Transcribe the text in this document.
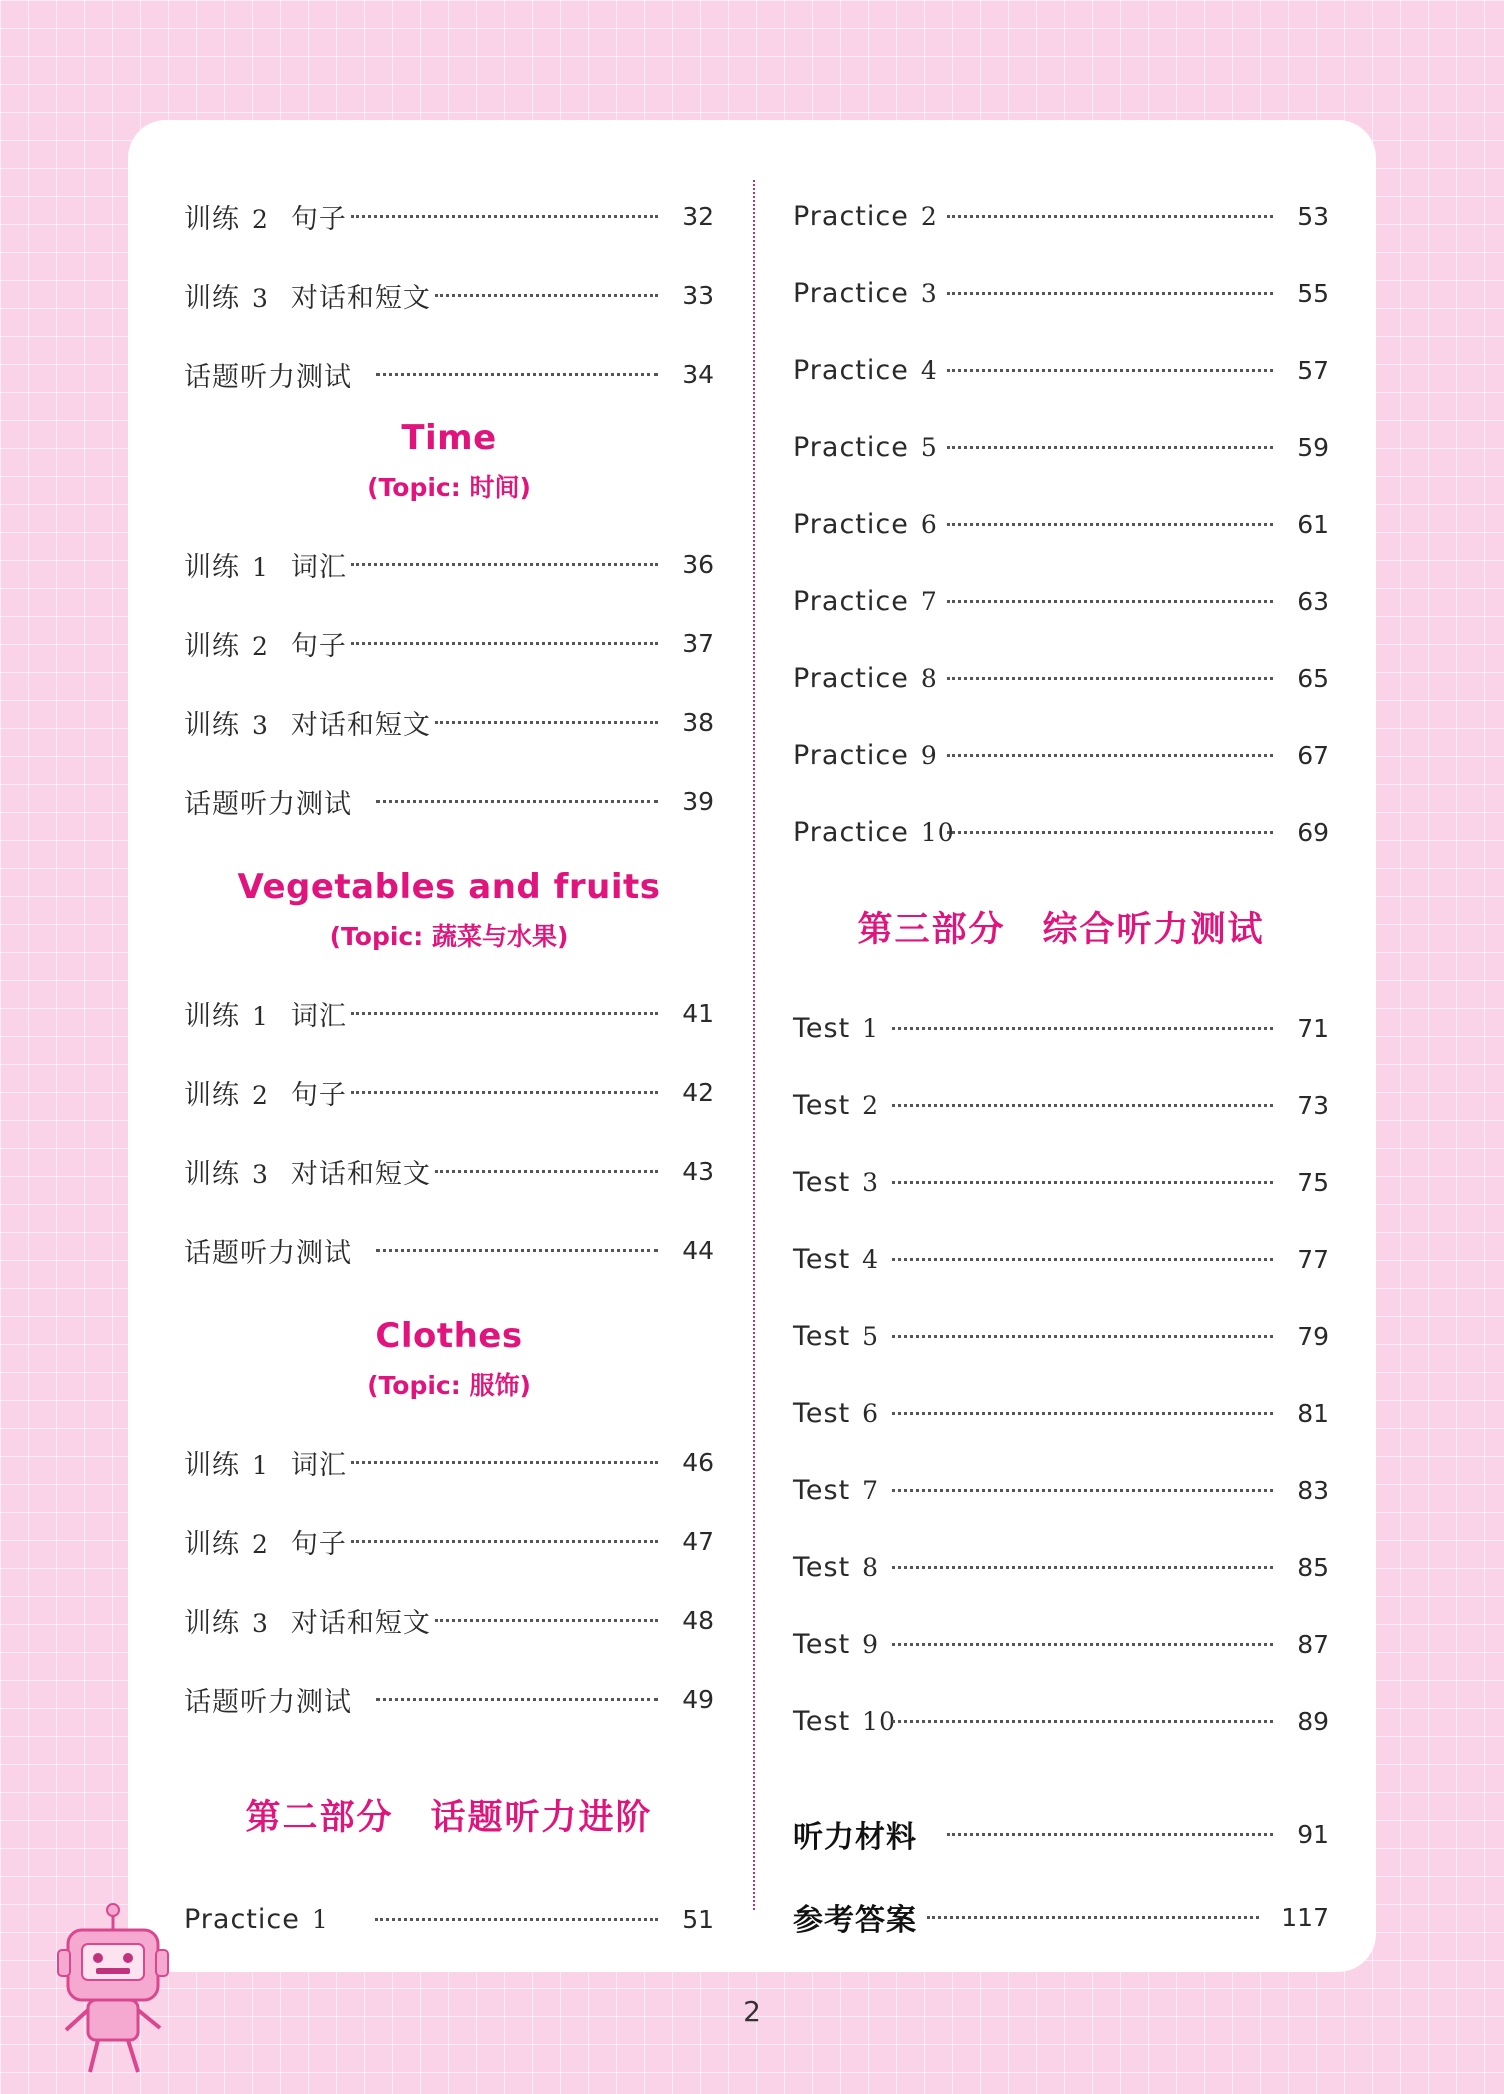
训练 2 句子	32
训练 3 对话和短文	33
话题听力测试	34
Time
(Topic: 时间)
训练 1 词汇	36
训练 2 句子	37
训练 3 对话和短文	38
话题听力测试	39
Vegetables and fruits
(Topic: 蔬菜与水果)
训练 1 词汇	41
训练 2 句子	42
训练 3 对话和短文	43
话题听力测试	44
Clothes
(Topic: 服饰)
训练 1 词汇	46
训练 2 句子	47
训练 3 对话和短文	48
话题听力测试	49
第二部分　话题听力进阶
Practice 1	51
Practice 2	53
Practice 3	55
Practice 4	57
Practice 5	59
Practice 6	61
Practice 7	63
Practice 8	65
Practice 9	67
Practice 10	69
第三部分　综合听力测试
Test 1	71
Test 2	73
Test 3	75
Test 4	77
Test 5	79
Test 6	81
Test 7	83
Test 8	85
Test 9	87
Test 10	89
听力材料	91
参考答案	117
2
